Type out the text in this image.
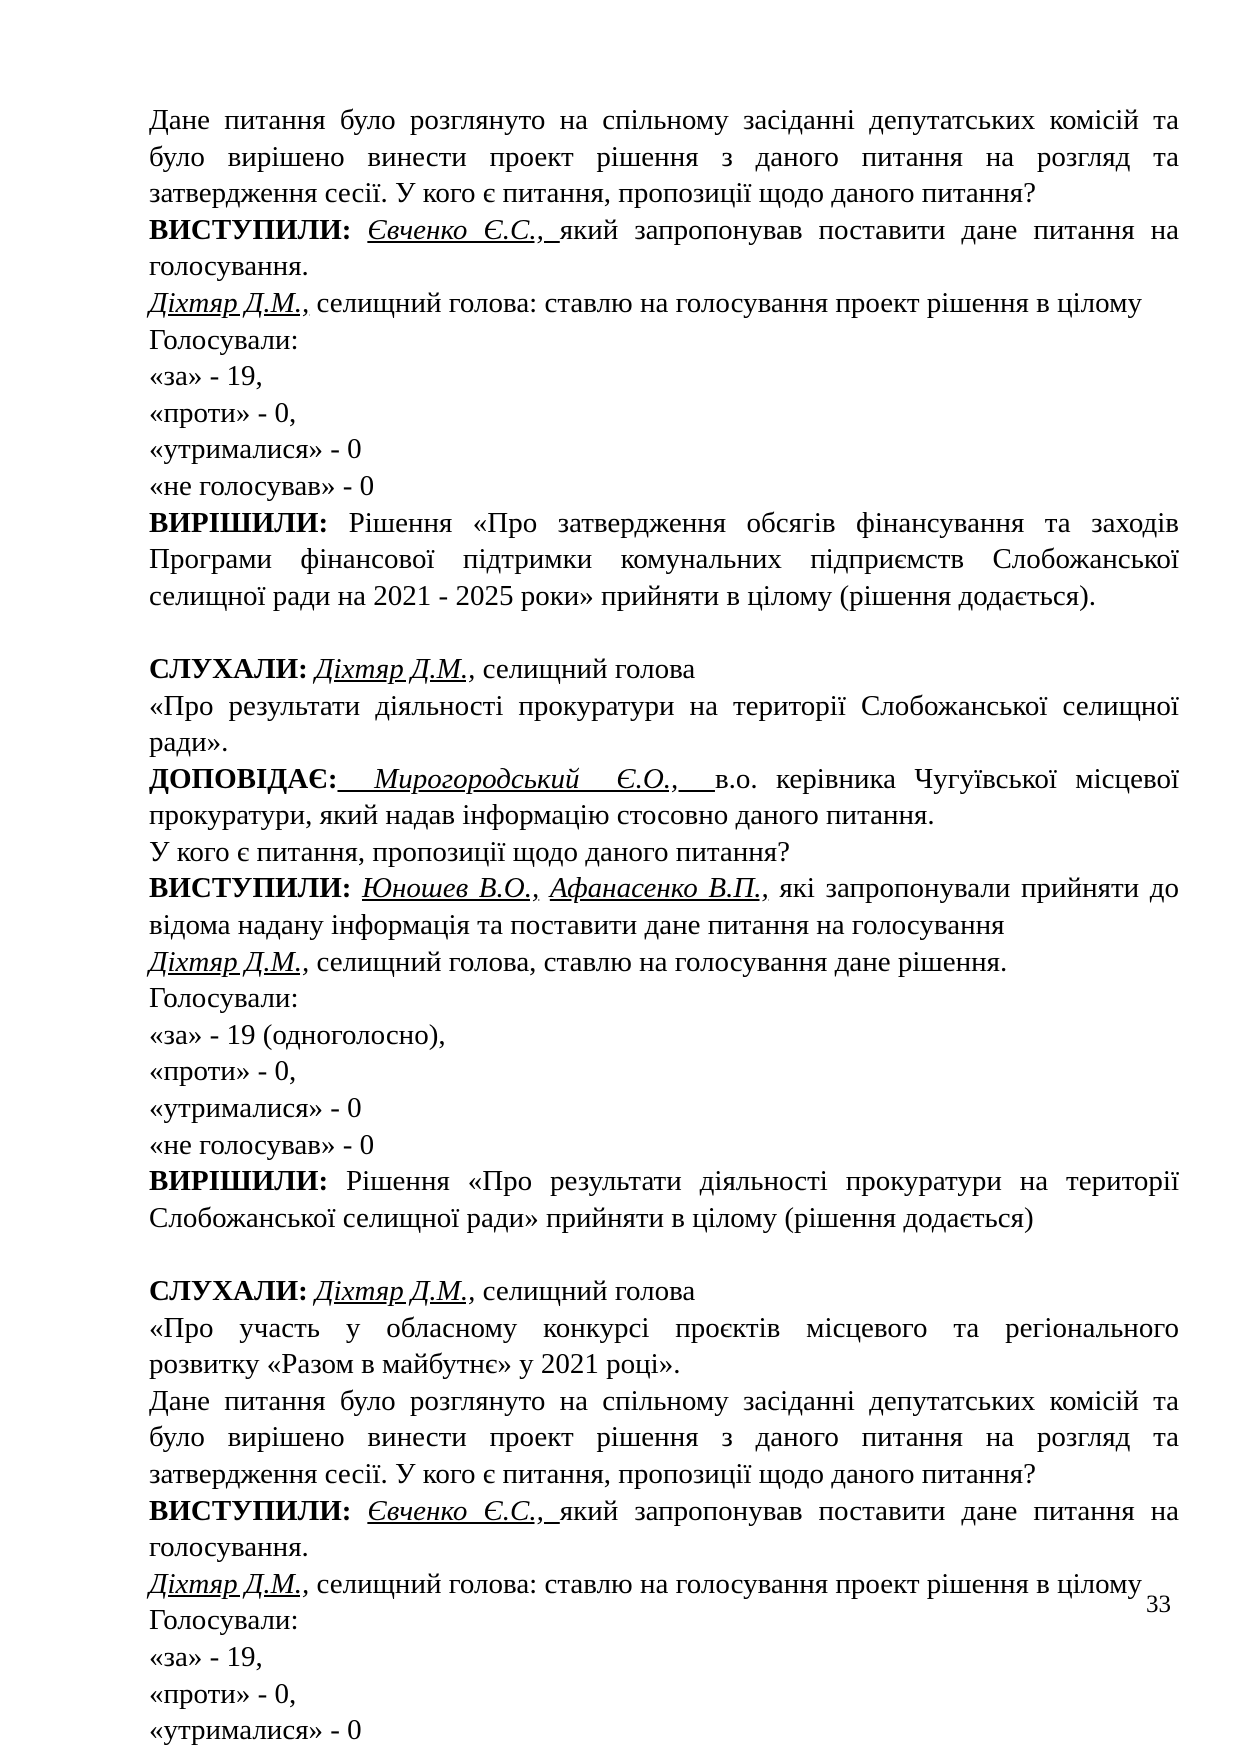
Дане питання було розглянуто на спільному засіданні депутатських комісій та
було вирішено винести проект рішення з даного питання на розгляд та
затвердження сесії. У кого є питання, пропозиції щодо даного питання?
ВИСТУПИЛИ: Євченко Є.С., який запропонував поставити дане питання на
голосування.
Діхтяр Д.М., селищний голова: ставлю на голосування проект рішення в цілому
Голосували:
«за» - 19,
«проти» - 0,
«утрималися» - 0
«не голосував» - 0
ВИРІШИЛИ: Рішення «Про затвердження обсягів фінансування та заходів
Програми фінансової підтримки комунальних підприємств Слобожанської
селищної ради на 2021 - 2025 роки» прийняти в цілому (рішення додається).
СЛУХАЛИ: Діхтяр Д.М., селищний голова
«Про результати діяльності прокуратури на території Слобожанської селищної
ради».
ДОПОВІДАЄ:  Мирогородський  Є.О.,  в.о. керівника Чугуївської місцевої
прокуратури, який надав інформацію стосовно даного питання.
У кого є питання, пропозиції щодо даного питання?
ВИСТУПИЛИ: Юношев В.О., Афанасенко В.П., які запропонували прийняти до
відома надану інформація та поставити дане питання на голосування
Діхтяр Д.М., селищний голова, ставлю на голосування дане рішення.
Голосували:
«за» - 19 (одноголосно),
«проти» - 0,
«утрималися» - 0
«не голосував» - 0
ВИРІШИЛИ: Рішення «Про результати діяльності прокуратури на території
Слобожанської селищної ради» прийняти в цілому (рішення додається)
СЛУХАЛИ: Діхтяр Д.М., селищний голова
«Про участь у обласному конкурсі проєктів місцевого та регіонального
розвитку «Разом в майбутнє» у 2021 році».
Дане питання було розглянуто на спільному засіданні депутатських комісій та
було вирішено винести проект рішення з даного питання на розгляд та
затвердження сесії. У кого є питання, пропозиції щодо даного питання?
ВИСТУПИЛИ: Євченко Є.С., який запропонував поставити дане питання на
голосування.
Діхтяр Д.М., селищний голова: ставлю на голосування проект рішення в цілому
Голосували:
«за» - 19,
«проти» - 0,
«утрималися» - 0
33
